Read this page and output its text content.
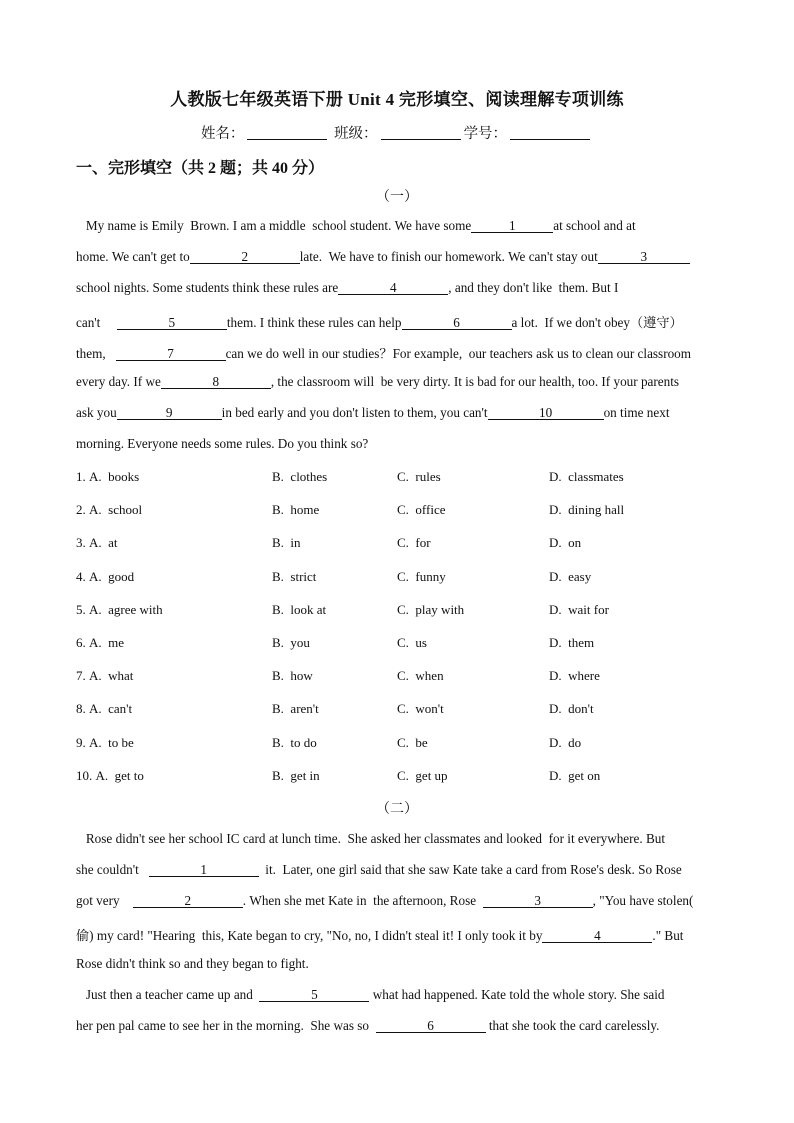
人教版七年级英语下册 Unit 4 完形填空、阅读理解专项训练
姓名：	班级：	学号：
一、完形填空（共 2 题；共 40 分）
（一）
My name is Emily  Brown. I am a middle  school student. We have some	1	at school and at
home. We can't get to	2	late.  We have to finish our homework. We can't stay out	3
school nights. Some students think these rules are	4	, and they don't like  them. But I
can't	5	them. I think these rules can help	6	a lot.  If we don't obey（遵守）
them,	7	can we do well in our studies？For example,  our teachers ask us to clean our classroom
every day. If we	8	, the classroom will  be very dirty. It is bad for our health, too. If your parents
ask you	9	in bed early and you don't listen to them, you can't	10	on time next
morning. Everyone needs some rules. Do you think so?
1. A.  books	B.  clothes	C.  rules	D.  classmates
2. A.  school	B.  home	C.  office	D.  dining hall
3. A.  at	B.  in	C.  for	D.  on
4. A.  good	B.  strict	C.  funny	D.  easy
5. A.  agree with	B.  look at	C.  play with	D.  wait for
6. A.  me	B.  you	C.  us	D.  them
7. A.  what	B.  how	C.  when	D.  where
8. A.  can't	B.  aren't	C.  won't	D.  don't
9. A.  to be	B.  to do	C.  be	D.  do
10. A.  get to	B.  get in	C.  get up	D.  get on
（二）
Rose didn't see her school IC card at lunch time.  She asked her classmates and looked  for it everywhere. But
she couldn't	1	it.  Later, one girl said that she saw Kate take a card from Rose's desk. So Rose
got very	2	. When she met Kate in  the afternoon, Rose	3	, "You have stolen(
偷) my card! "Hearing  this, Kate began to cry, "No, no, I didn't steal it! I only took it by	4	." But
Rose didn't think so and they began to fight.
Just then a teacher came up and	5	what had happened. Kate told the whole story. She said
her pen pal came to see her in the morning.  She was so	6	that she took the card carelessly.
